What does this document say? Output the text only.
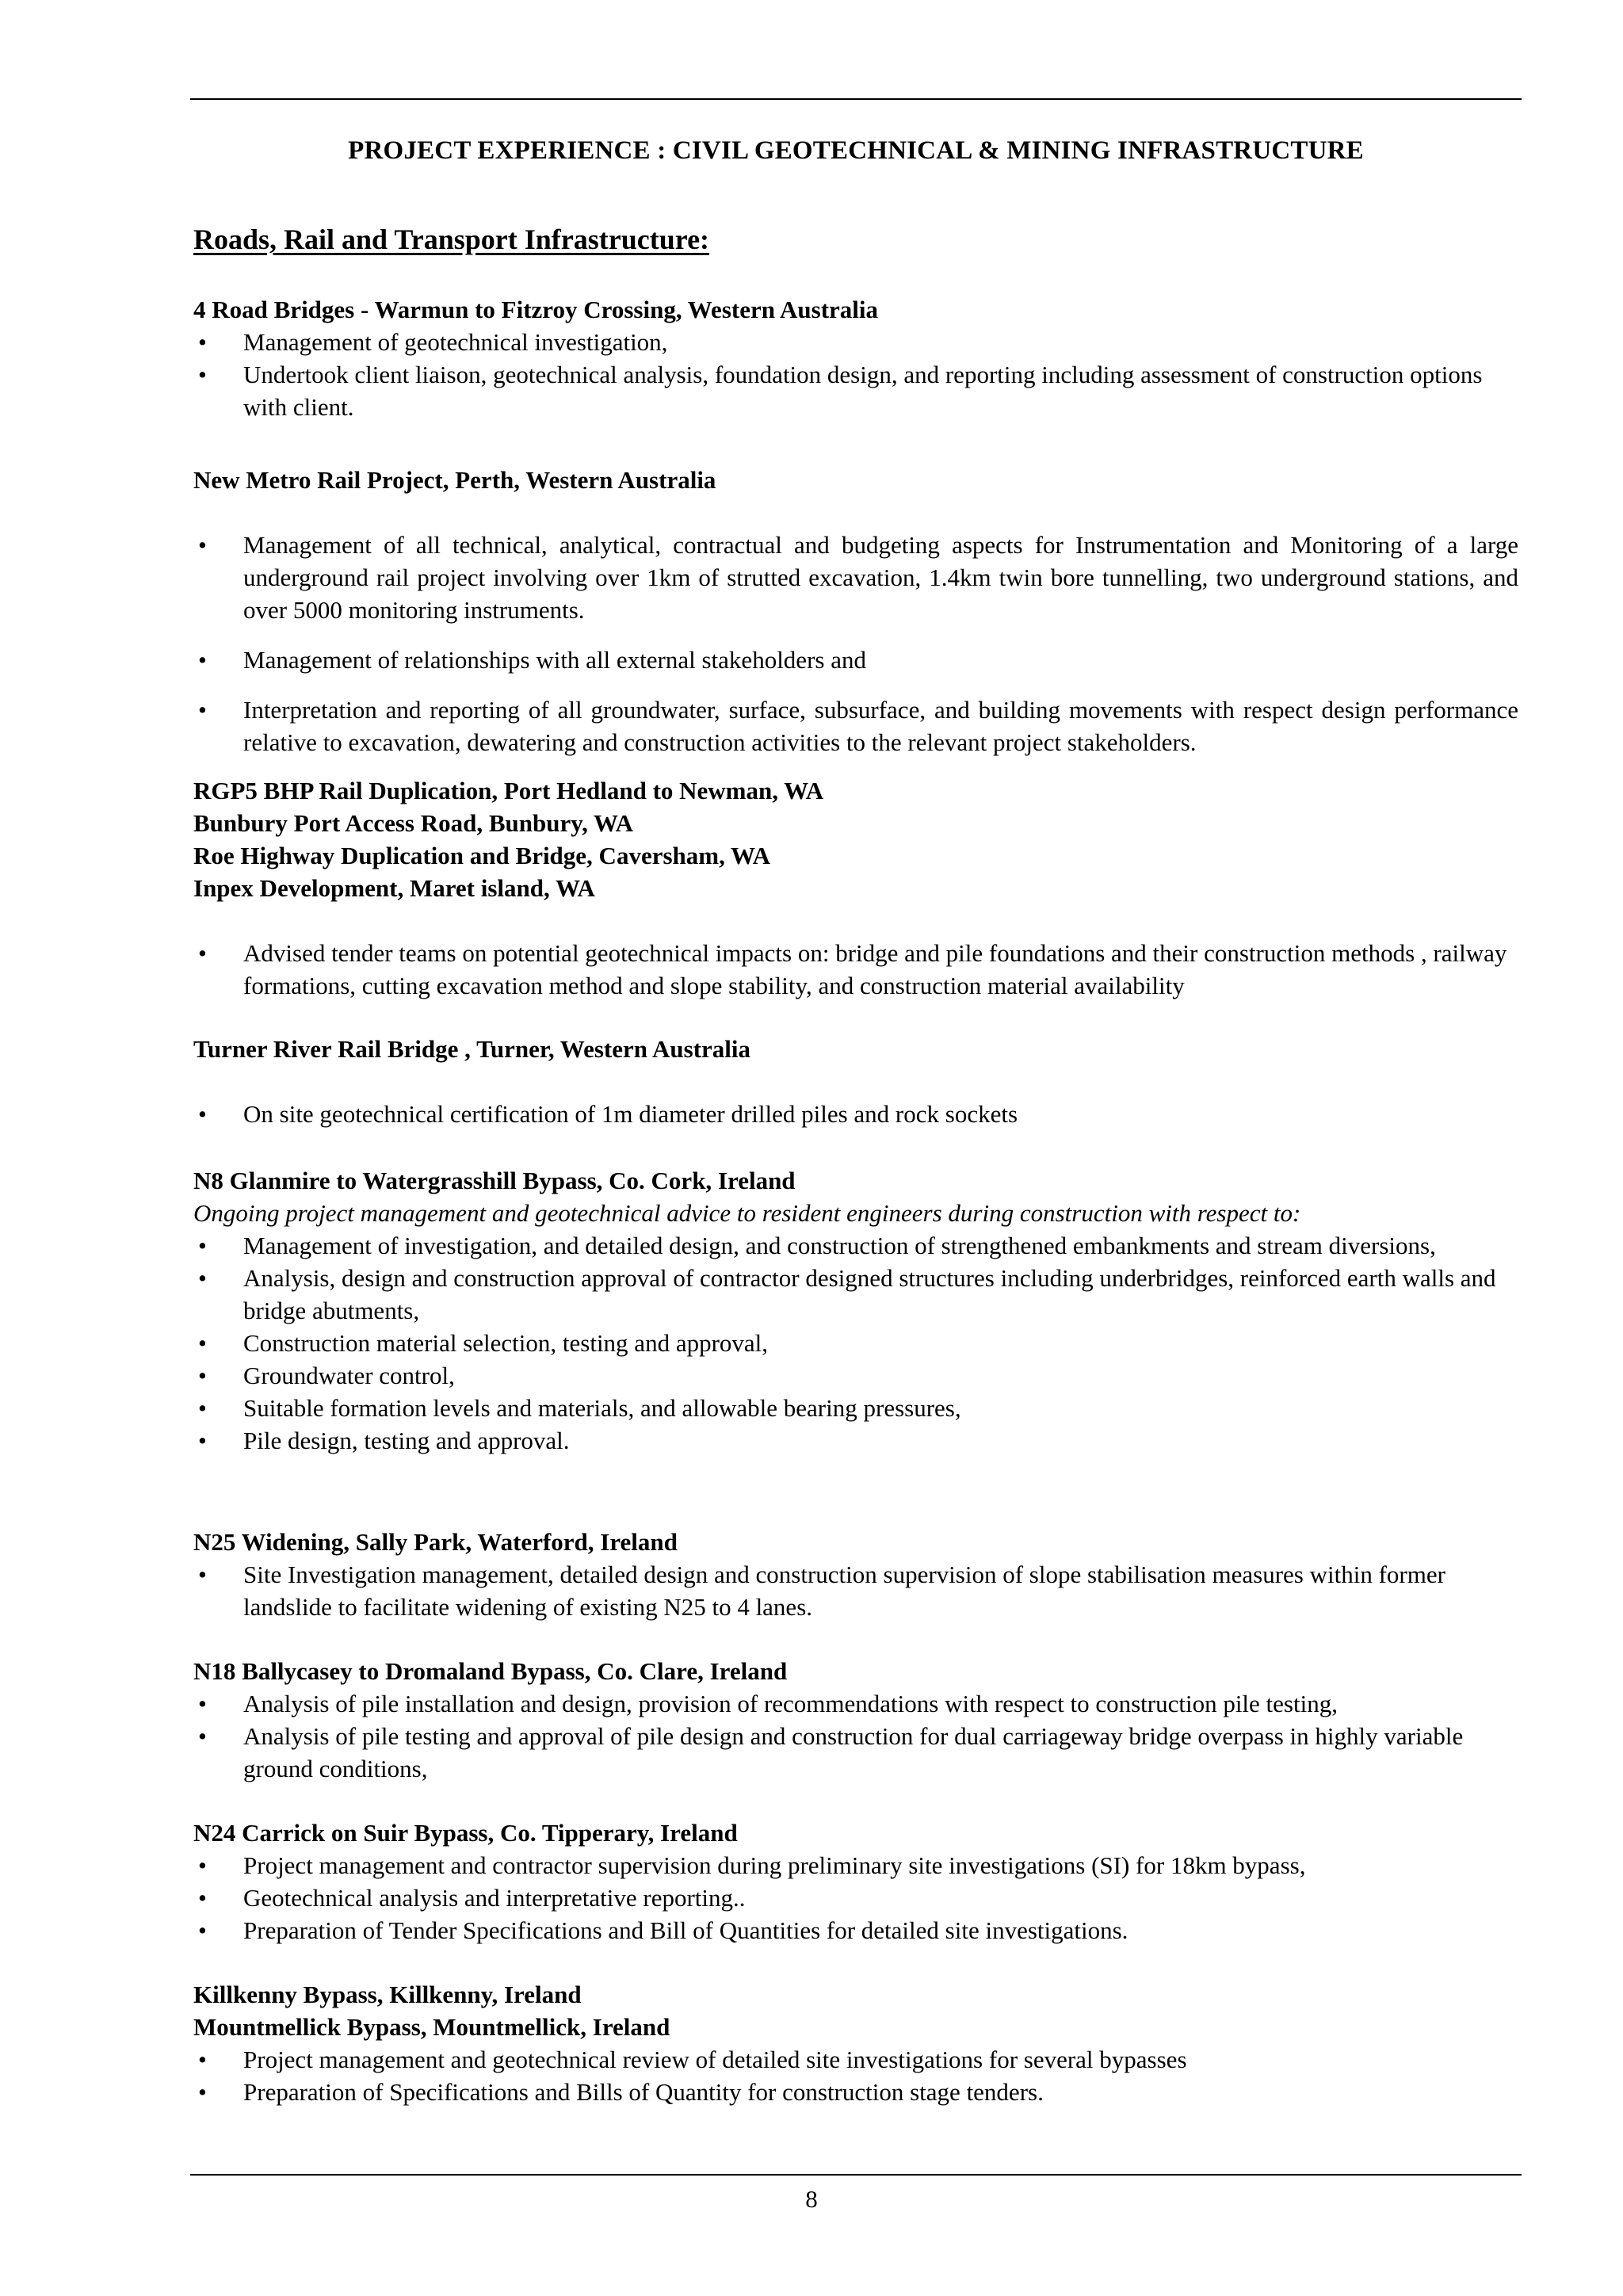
PROJECT EXPERIENCE : CIVIL GEOTECHNICAL & MINING INFRASTRUCTURE
Roads, Rail and Transport Infrastructure:
4 Road Bridges - Warmun to Fitzroy Crossing, Western Australia
• Management of geotechnical investigation,
• Undertook client liaison, geotechnical analysis, foundation design, and reporting including assessment of construction options with client.
New Metro Rail Project, Perth, Western Australia
• Management of all technical, analytical, contractual and budgeting aspects for Instrumentation and Monitoring of a large underground rail project involving over 1km of strutted excavation, 1.4km twin bore tunnelling, two underground stations, and over 5000 monitoring instruments.
• Management of relationships with all external stakeholders and
• Interpretation and reporting of all groundwater, surface, subsurface, and building movements with respect design performance relative to excavation, dewatering and construction activities to the relevant project stakeholders.
RGP5 BHP Rail Duplication, Port Hedland to Newman, WA
Bunbury Port Access Road, Bunbury, WA
Roe Highway Duplication and Bridge, Caversham, WA
Inpex Development, Maret island, WA
• Advised tender teams on potential geotechnical impacts on: bridge and pile foundations and their construction methods , railway formations, cutting excavation method and slope stability, and construction material availability
Turner River Rail Bridge , Turner, Western Australia
• On site geotechnical certification of 1m diameter drilled piles and rock sockets
N8 Glanmire to Watergrasshill Bypass, Co. Cork, Ireland
Ongoing project management and geotechnical advice to resident engineers during construction with respect to:
• Management of investigation, and detailed design, and construction of strengthened embankments and stream diversions,
• Analysis, design and construction approval of contractor designed structures including underbridges, reinforced earth walls and bridge abutments,
• Construction material selection, testing and approval,
• Groundwater control,
• Suitable formation levels and materials, and allowable bearing pressures,
• Pile design, testing and approval.
N25 Widening, Sally Park, Waterford, Ireland
• Site Investigation management, detailed design and construction supervision of slope stabilisation measures within former landslide to facilitate widening of existing N25 to 4 lanes.
N18 Ballycasey to Dromaland Bypass, Co. Clare, Ireland
• Analysis of pile installation and design, provision of recommendations with respect to construction pile testing,
• Analysis of pile testing and approval of pile design and construction for dual carriageway bridge overpass in highly variable ground conditions,
N24 Carrick on Suir Bypass, Co. Tipperary, Ireland
• Project management and contractor supervision during preliminary site investigations (SI) for 18km bypass,
• Geotechnical analysis and interpretative reporting..
• Preparation of Tender Specifications and Bill of Quantities for detailed site investigations.
Killkenny Bypass, Killkenny, Ireland
Mountmellick Bypass, Mountmellick, Ireland
• Project management and geotechnical review of detailed site investigations for several bypasses
• Preparation of Specifications and Bills of Quantity for construction stage tenders.
8
